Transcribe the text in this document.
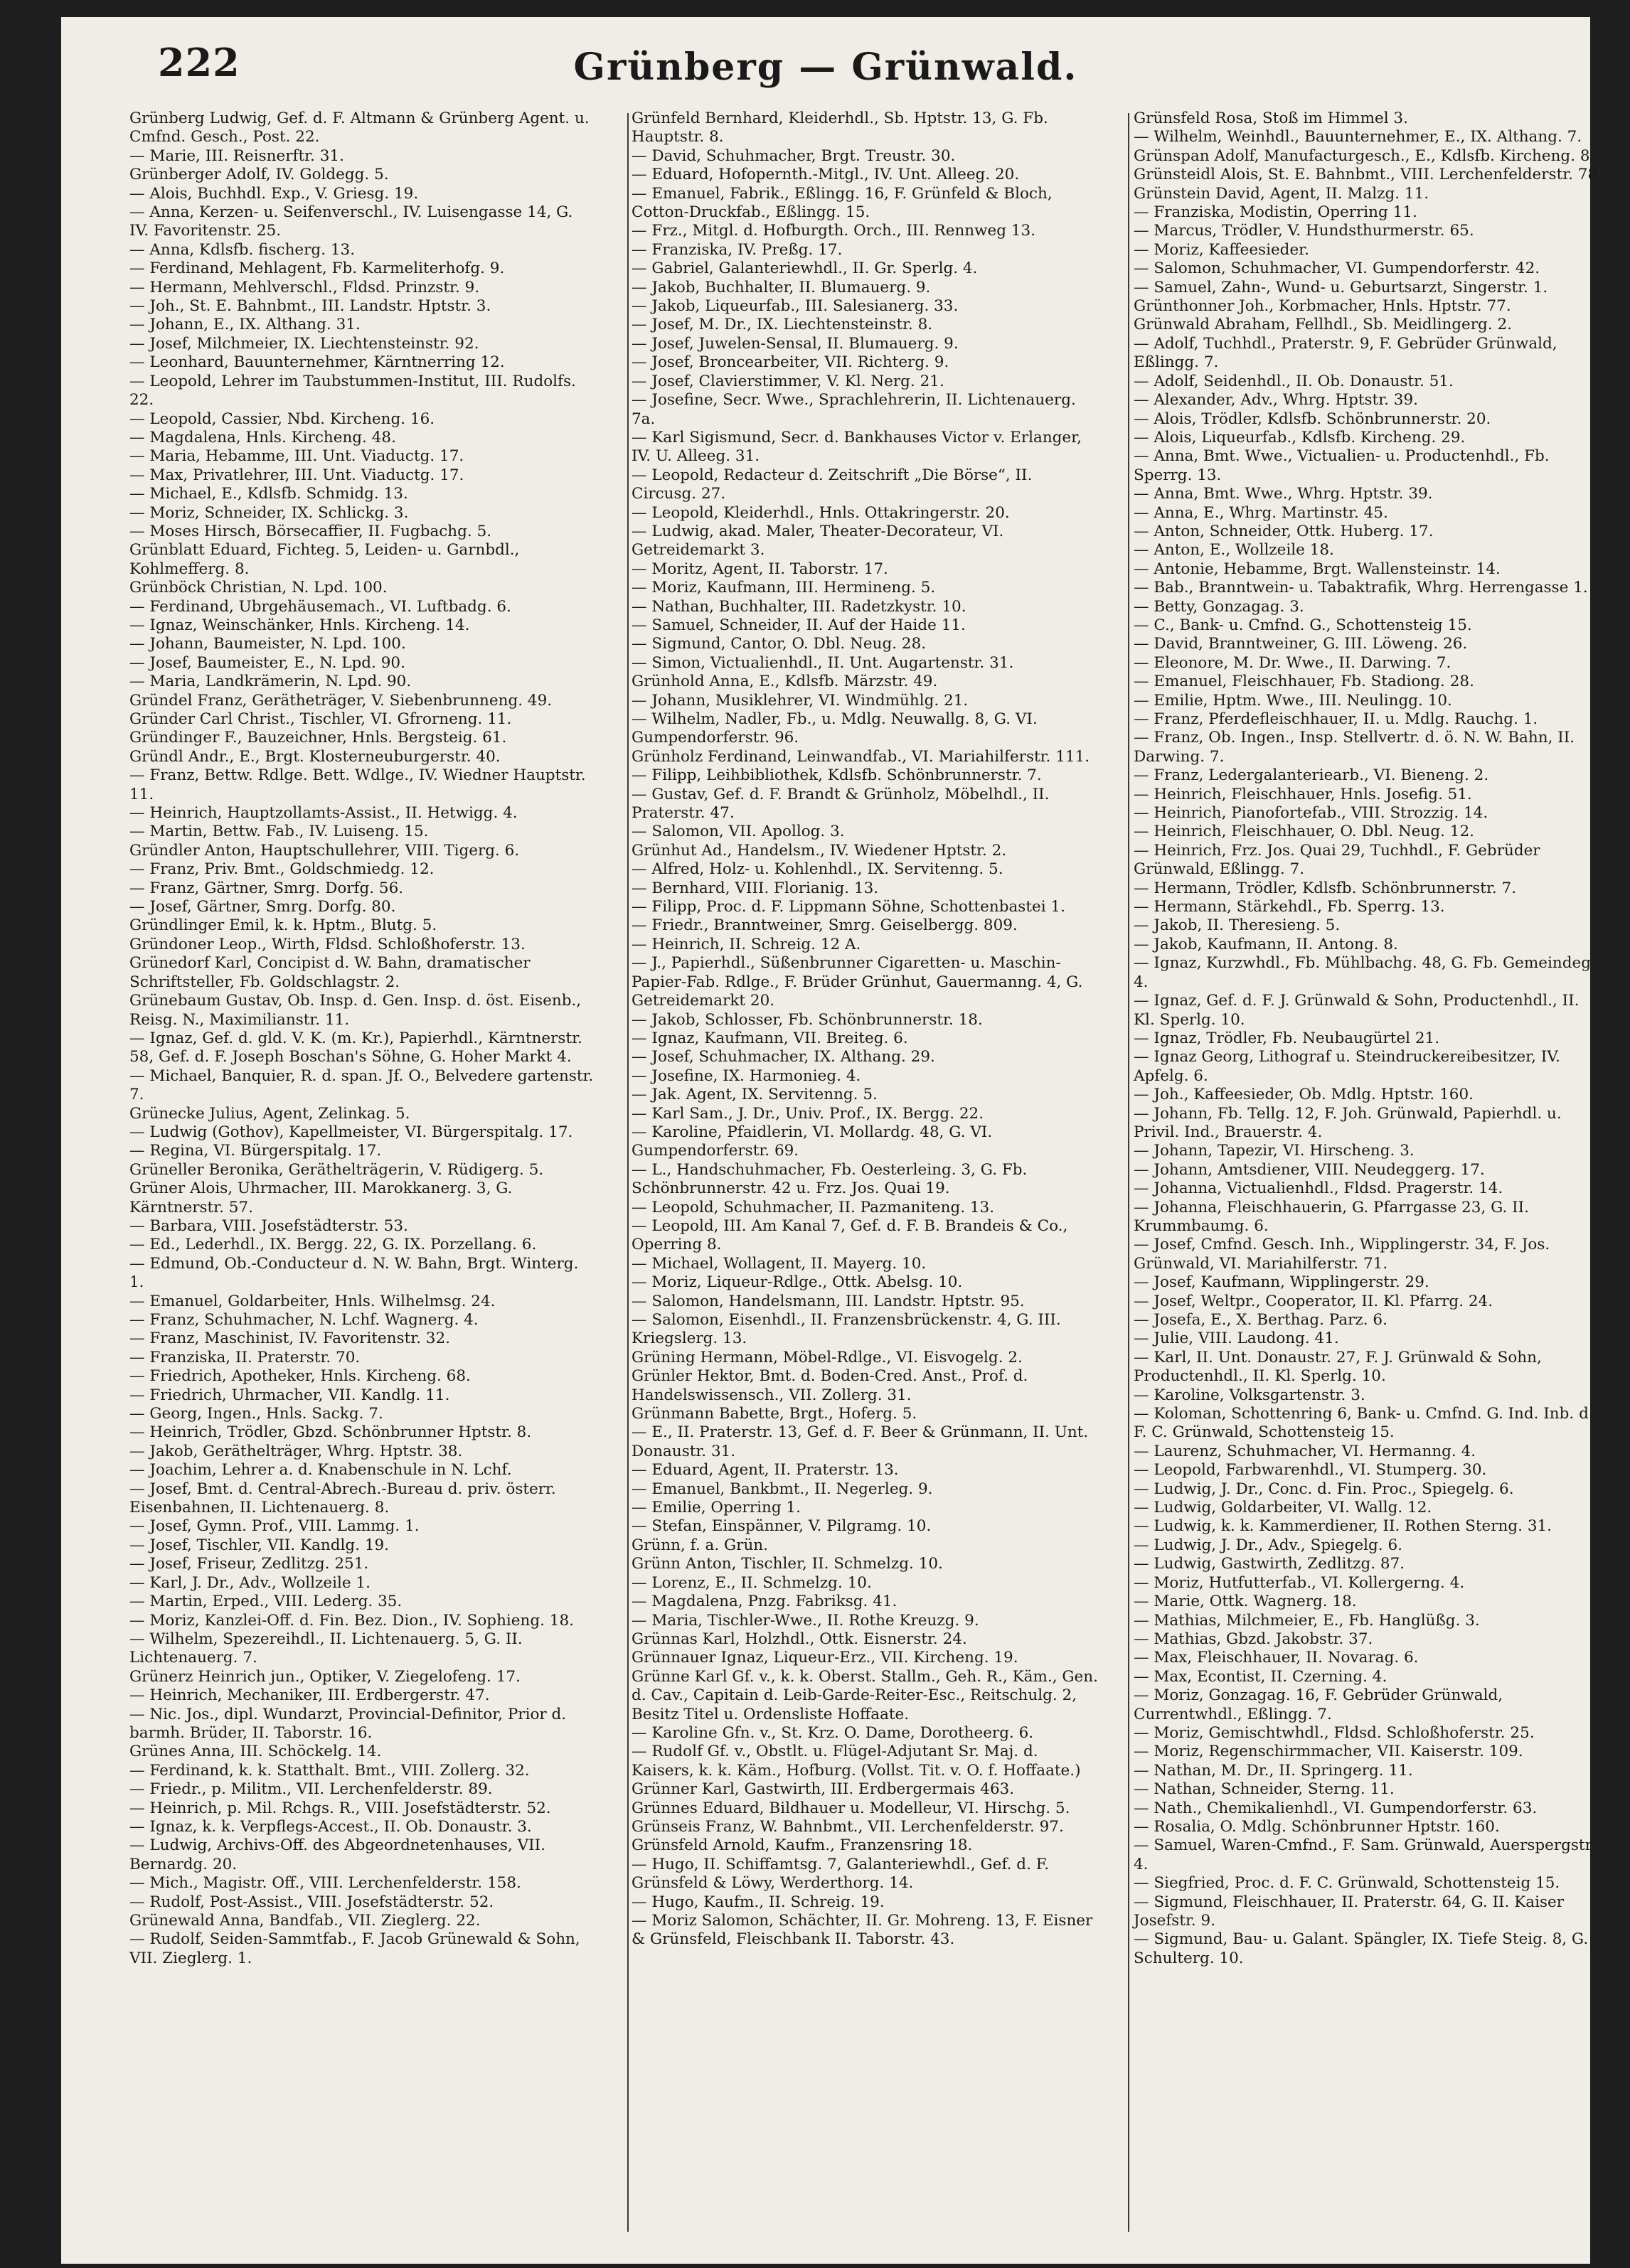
222	Grünberg — Grünwald.

Grünberg Ludwig, Gef. d. F. Altmann & Grünberg Agent. u. Cmfnd. Gesch., Post. 22.

— Marie, III. Reisnerftr. 31.

Grünberger Adolf, IV. Goldegg. 5.

— Alois, Buchhdl. Exp., V. Griesg. 19.

— Anna, Kerzen- u. Seifenverschl., IV. Luisengasse 14, G. IV. Favoritenstr. 25.

— Anna, Kdlsfb. fischerg. 13.

— Ferdinand, Mehlagent, Fb. Karmeliterhofg. 9.

— Hermann, Mehlverschl., Fldsd. Prinzstr. 9.

— Joh., St. E. Bahnbmt., III. Landstr. Hptstr. 3.

— Johann, E., IX. Althang. 31.

— Josef, Milchmeier, IX. Liechtensteinstr. 92.

— Leonhard, Bauunternehmer, Kärntnerring 12.

— Leopold, Lehrer im Taubstummen-Institut, III. Rudolfs. 22.

— Leopold, Cassier, Nbd. Kircheng. 16.

— Magdalena, Hnls. Kircheng. 48.

— Maria, Hebamme, III. Unt. Viaductg. 17.

— Max, Privatlehrer, III. Unt. Viaductg. 17.

— Michael, E., Kdlsfb. Schmidg. 13.

— Moriz, Schneider, IX. Schlickg. 3.

— Moses Hirsch, Börsecaffier, II. Fugbachg. 5.

Grünblatt Eduard, Fichteg. 5, Leiden- u. Garnbdl., Kohlmefferg. 8.

Grünböck Christian, N. Lpd. 100.

— Ferdinand, Ubrgehäusemach., VI. Luftbadg. 6.

— Ignaz, Weinschänker, Hnls. Kircheng. 14.

— Johann, Baumeister, N. Lpd. 100.

— Josef, Baumeister, E., N. Lpd. 90.

— Maria, Landkrämerin, N. Lpd. 90.

Gründel Franz, Gerätheträger, V. Siebenbrunneng. 49.

Gründer Carl Christ., Tischler, VI. Gfrorneng. 11.

Gründinger F., Bauzeichner, Hnls. Bergsteig. 61.

Gründl Andr., E., Brgt. Klosterneuburgerstr. 40.

— Franz, Bettw. Rdlge. Bett. Wdlge., IV. Wiedner Hauptstr. 11.

— Heinrich, Hauptzollamts-Assist., II. Hetwigg. 4.

— Martin, Bettw. Fab., IV. Luiseng. 15.

Gründler Anton, Hauptschullehrer, VIII. Tigerg. 6.

— Franz, Priv. Bmt., Goldschmiedg. 12.

— Franz, Gärtner, Smrg. Dorfg. 56.

— Josef, Gärtner, Smrg. Dorfg. 80.

Gründlinger Emil, k. k. Hptm., Blutg. 5.

Gründoner Leop., Wirth, Fldsd. Schloßhoferstr. 13.

Grünedorf Karl, Concipist d. W. Bahn, dramatischer Schriftsteller, Fb. Goldschlagstr. 2.

Grünebaum Gustav, Ob. Insp. d. Gen. Insp. d. öst. Eisenb., Reisg. N., Maximilianstr. 11.

— Ignaz, Gef. d. gld. V. K. (m. Kr.), Papierhdl., Kärntnerstr. 58, Gef. d. F. Joseph Boschan's Söhne, G. Hoher Markt 4.

— Michael, Banquier, R. d. span. Jf. O., Belvedere gartenstr. 7.

Grünecke Julius, Agent, Zelinkag. 5.

— Ludwig (Gothov), Kapellmeister, VI. Bürgerspitalg. 17.

— Regina, VI. Bürgerspitalg. 17.

Grüneller Beronika, Geräthelträgerin, V. Rüdigerg. 5.

Grüner Alois, Uhrmacher, III. Marokkanerg. 3, G. Kärntnerstr. 57.

— Barbara, VIII. Josefstädterstr. 53.

— Ed., Lederhdl., IX. Bergg. 22, G. IX. Porzellang. 6.

— Edmund, Ob.-Conducteur d. N. W. Bahn, Brgt. Winterg. 1.

— Emanuel, Goldarbeiter, Hnls. Wilhelmsg. 24.

— Franz, Schuhmacher, N. Lchf. Wagnerg. 4.

— Franz, Maschinist, IV. Favoritenstr. 32.

— Franziska, II. Praterstr. 70.

— Friedrich, Apotheker, Hnls. Kircheng. 68.

— Friedrich, Uhrmacher, VII. Kandlg. 11.

— Georg, Ingen., Hnls. Sackg. 7.

— Heinrich, Trödler, Gbzd. Schönbrunner Hptstr. 8.

— Jakob, Geräthelträger, Whrg. Hptstr. 38.

— Joachim, Lehrer a. d. Knabenschule in N. Lchf.

— Josef, Bmt. d. Central-Abrech.-Bureau d. priv. österr. Eisenbahnen, II. Lichtenauerg. 8.

— Josef, Gymn. Prof., VIII. Lammg. 1.

— Josef, Tischler, VII. Kandlg. 19.

— Josef, Friseur, Zedlitzg. 251.

— Karl, J. Dr., Adv., Wollzeile 1.

— Martin, Erped., VIII. Lederg. 35.

— Moriz, Kanzlei-Off. d. Fin. Bez. Dion., IV. Sophieng. 18.

— Wilhelm, Spezereihdl., II. Lichtenauerg. 5, G. II. Lichtenauerg. 7.

Grünerz Heinrich jun., Optiker, V. Ziegelofeng. 17.

— Heinrich, Mechaniker, III. Erdbergerstr. 47.

— Nic. Jos., dipl. Wundarzt, Provincial-Definitor, Prior d. barmh. Brüder, II. Taborstr. 16.

Grünes Anna, III. Schöckelg. 14.

— Ferdinand, k. k. Statthalt. Bmt., VIII. Zollerg. 32.

— Friedr., p. Militm., VII. Lerchenfelderstr. 89.

— Heinrich, p. Mil. Rchgs. R., VIII. Josefstädterstr. 52.

— Ignaz, k. k. Verpflegs-Accest., II. Ob. Donaustr. 3.

— Ludwig, Archivs-Off. des Abgeordnetenhauses, VII. Bernardg. 20.

— Mich., Magistr. Off., VIII. Lerchenfelderstr. 158.

— Rudolf, Post-Assist., VIII. Josefstädterstr. 52.

Grünewald Anna, Bandfab., VII. Zieglerg. 22.

— Rudolf, Seiden-Sammtfab., F. Jacob Grünewald & Sohn, VII. Zieglerg. 1.

Grünfeld Bernhard, Kleiderhdl., Sb. Hptstr. 13, G. Fb. Hauptstr. 8.

— David, Schuhmacher, Brgt. Treustr. 30.

— Eduard, Hofopernth.-Mitgl., IV. Unt. Alleeg. 20.

— Emanuel, Fabrik., Eßlingg. 16, F. Grünfeld & Bloch, Cotton-Druckfab., Eßlingg. 15.

— Frz., Mitgl. d. Hofburgth. Orch., III. Rennweg 13.

— Franziska, IV. Preßg. 17.

— Gabriel, Galanteriewhdl., II. Gr. Sperlg. 4.

— Jakob, Buchhalter, II. Blumauerg. 9.

— Jakob, Liqueurfab., III. Salesianerg. 33.

— Josef, M. Dr., IX. Liechtensteinstr. 8.

— Josef, Juwelen-Sensal, II. Blumauerg. 9.

— Josef, Broncearbeiter, VII. Richterg. 9.

— Josef, Clavierstimmer, V. Kl. Nerg. 21.

— Josefine, Secr. Wwe., Sprachlehrerin, II. Lichtenauerg. 7a.

— Karl Sigismund, Secr. d. Bankhauses Victor v. Erlanger, IV. U. Alleeg. 31.

— Leopold, Redacteur d. Zeitschrift „Die Börse“, II. Circusg. 27.

— Leopold, Kleiderhdl., Hnls. Ottakringerstr. 20.

— Ludwig, akad. Maler, Theater-Decorateur, VI. Getreidemarkt 3.

— Moritz, Agent, II. Taborstr. 17.

— Moriz, Kaufmann, III. Hermineng. 5.

— Nathan, Buchhalter, III. Radetzkystr. 10.

— Samuel, Schneider, II. Auf der Haide 11.

— Sigmund, Cantor, O. Dbl. Neug. 28.

— Simon, Victualienhdl., II. Unt. Augartenstr. 31.

Grünhold Anna, E., Kdlsfb. Märzstr. 49.

— Johann, Musiklehrer, VI. Windmühlg. 21.

— Wilhelm, Nadler, Fb., u. Mdlg. Neuwallg. 8, G. VI. Gumpendorferstr. 96.

Grünholz Ferdinand, Leinwandfab., VI. Mariahilferstr. 111.

— Filipp, Leihbibliothek, Kdlsfb. Schönbrunnerstr. 7.

— Gustav, Gef. d. F. Brandt & Grünholz, Möbelhdl., II. Praterstr. 47.

— Salomon, VII. Apollog. 3.

Grünhut Ad., Handelsm., IV. Wiedener Hptstr. 2.

— Alfred, Holz- u. Kohlenhdl., IX. Servitenng. 5.

— Bernhard, VIII. Florianig. 13.

— Filipp, Proc. d. F. Lippmann Söhne, Schottenbastei 1.

— Friedr., Branntweiner, Smrg. Geiselbergg. 809.

— Heinrich, II. Schreig. 12 A.

— J., Papierhdl., Süßenbrunner Cigaretten- u. Maschin-Papier-Fab. Rdlge., F. Brüder Grünhut, Gauermanng. 4, G. Getreidemarkt 20.

— Jakob, Schlosser, Fb. Schönbrunnerstr. 18.

— Ignaz, Kaufmann, VII. Breiteg. 6.

— Josef, Schuhmacher, IX. Althang. 29.

— Josefine, IX. Harmonieg. 4.

— Jak. Agent, IX. Servitenng. 5.

— Karl Sam., J. Dr., Univ. Prof., IX. Bergg. 22.

— Karoline, Pfaidlerin, VI. Mollardg. 48, G. VI. Gumpendorferstr. 69.

— L., Handschuhmacher, Fb. Oesterleing. 3, G. Fb. Schönbrunnerstr. 42 u. Frz. Jos. Quai 19.

— Leopold, Schuhmacher, II. Pazmaniteng. 13.

— Leopold, III. Am Kanal 7, Gef. d. F. B. Brandeis & Co., Operring 8.

— Michael, Wollagent, II. Mayerg. 10.

— Moriz, Liqueur-Rdlge., Ottk. Abelsg. 10.

— Salomon, Handelsmann, III. Landstr. Hptstr. 95.

— Salomon, Eisenhdl., II. Franzensbrückenstr. 4, G. III. Kriegslerg. 13.

Grüning Hermann, Möbel-Rdlge., VI. Eisvogelg. 2.

Grünler Hektor, Bmt. d. Boden-Cred. Anst., Prof. d. Handelswissensch., VII. Zollerg. 31.

Grünmann Babette, Brgt., Hoferg. 5.

— E., II. Praterstr. 13, Gef. d. F. Beer & Grünmann, II. Unt. Donaustr. 31.

— Eduard, Agent, II. Praterstr. 13.

— Emanuel, Bankbmt., II. Negerleg. 9.

— Emilie, Operring 1.

— Stefan, Einspänner, V. Pilgramg. 10.

Grünn, f. a. Grün.

Grünn Anton, Tischler, II. Schmelzg. 10.

— Lorenz, E., II. Schmelzg. 10.

— Magdalena, Pnzg. Fabriksg. 41.

— Maria, Tischler-Wwe., II. Rothe Kreuzg. 9.

Grünnas Karl, Holzhdl., Ottk. Eisnerstr. 24.

Grünnauer Ignaz, Liqueur-Erz., VII. Kircheng. 19.

Grünne Karl Gf. v., k. k. Oberst. Stallm., Geh. R., Käm., Gen. d. Cav., Capitain d. Leib-Garde-Reiter-Esc., Reitschulg. 2, Besitz Titel u. Ordensliste Hoffaate.

— Karoline Gfn. v., St. Krz. O. Dame, Dorotheerg. 6.

— Rudolf Gf. v., Obstlt. u. Flügel-Adjutant Sr. Maj. d. Kaisers, k. k. Käm., Hofburg. (Vollst. Tit. v. O. f. Hoffaate.)

Grünner Karl, Gastwirth, III. Erdbergermais 463.

Grünnes Eduard, Bildhauer u. Modelleur, VI. Hirschg. 5.

Grünseis Franz, W. Bahnbmt., VII. Lerchenfelderstr. 97.

Grünsfeld Arnold, Kaufm., Franzensring 18.

— Hugo, II. Schiffamtsg. 7, Galanteriewhdl., Gef. d. F. Grünsfeld & Löwy, Werderthorg. 14.

— Hugo, Kaufm., II. Schreig. 19.

— Moriz Salomon, Schächter, II. Gr. Mohreng. 13, F. Eisner & Grünsfeld, Fleischbank II. Taborstr. 43.

Grünsfeld Rosa, Stoß im Himmel 3.

— Wilhelm, Weinhdl., Bauunternehmer, E., IX. Althang. 7.

Grünspan Adolf, Manufacturgesch., E., Kdlsfb. Kircheng. 8.

Grünsteidl Alois, St. E. Bahnbmt., VIII. Lerchenfelderstr. 78.

Grünstein David, Agent, II. Malzg. 11.

— Franziska, Modistin, Operring 11.

— Marcus, Trödler, V. Hundsthurmerstr. 65.

— Moriz, Kaffeesieder.

— Salomon, Schuhmacher, VI. Gumpendorferstr. 42.

— Samuel, Zahn-, Wund- u. Geburtsarzt, Singerstr. 1.

Grünthonner Joh., Korbmacher, Hnls. Hptstr. 77.

Grünwald Abraham, Fellhdl., Sb. Meidlingerg. 2.

— Adolf, Tuchhdl., Praterstr. 9, F. Gebrüder Grünwald, Eßlingg. 7.

— Adolf, Seidenhdl., II. Ob. Donaustr. 51.

— Alexander, Adv., Whrg. Hptstr. 39.

— Alois, Trödler, Kdlsfb. Schönbrunnerstr. 20.

— Alois, Liqueurfab., Kdlsfb. Kircheng. 29.

— Anna, Bmt. Wwe., Victualien- u. Productenhdl., Fb. Sperrg. 13.

— Anna, Bmt. Wwe., Whrg. Hptstr. 39.

— Anna, E., Whrg. Martinstr. 45.

— Anton, Schneider, Ottk. Huberg. 17.

— Anton, E., Wollzeile 18.

— Antonie, Hebamme, Brgt. Wallensteinstr. 14.

— Bab., Branntwein- u. Tabaktrafik, Whrg. Herrengasse 1.

— Betty, Gonzagag. 3.

— C., Bank- u. Cmfnd. G., Schottensteig 15.

— David, Branntweiner, G. III. Löweng. 26.

— Eleonore, M. Dr. Wwe., II. Darwing. 7.

— Emanuel, Fleischhauer, Fb. Stadiong. 28.

— Emilie, Hptm. Wwe., III. Neulingg. 10.

— Franz, Pferdefleischhauer, II. u. Mdlg. Rauchg. 1.

— Franz, Ob. Ingen., Insp. Stellvertr. d. ö. N. W. Bahn, II. Darwing. 7.

— Franz, Ledergalanteriearb., VI. Bieneng. 2.

— Heinrich, Fleischhauer, Hnls. Josefig. 51.

— Heinrich, Pianofortefab., VIII. Strozzig. 14.

— Heinrich, Fleischhauer, O. Dbl. Neug. 12.

— Heinrich, Frz. Jos. Quai 29, Tuchhdl., F. Gebrüder Grünwald, Eßlingg. 7.

— Hermann, Trödler, Kdlsfb. Schönbrunnerstr. 7.

— Hermann, Stärkehdl., Fb. Sperrg. 13.

— Jakob, II. Theresieng. 5.

— Jakob, Kaufmann, II. Antong. 8.

— Ignaz, Kurzwhdl., Fb. Mühlbachg. 48, G. Fb. Gemeindeg. 4.

— Ignaz, Gef. d. F. J. Grünwald & Sohn, Productenhdl., II. Kl. Sperlg. 10.

— Ignaz, Trödler, Fb. Neubaugürtel 21.

— Ignaz Georg, Lithograf u. Steindruckereibesitzer, IV. Apfelg. 6.

— Joh., Kaffeesieder, Ob. Mdlg. Hptstr. 160.

— Johann, Fb. Tellg. 12, F. Joh. Grünwald, Papierhdl. u. Privil. Ind., Brauerstr. 4.

— Johann, Tapezir, VI. Hirscheng. 3.

— Johann, Amtsdiener, VIII. Neudeggerg. 17.

— Johanna, Victualienhdl., Fldsd. Pragerstr. 14.

— Johanna, Fleischhauerin, G. Pfarrgasse 23, G. II. Krummbaumg. 6.

— Josef, Cmfnd. Gesch. Inh., Wipplingerstr. 34, F. Jos. Grünwald, VI. Mariahilferstr. 71.

— Josef, Kaufmann, Wipplingerstr. 29.

— Josef, Weltpr., Cooperator, II. Kl. Pfarrg. 24.

— Josefa, E., X. Berthag. Parz. 6.

— Julie, VIII. Laudong. 41.

— Karl, II. Unt. Donaustr. 27, F. J. Grünwald & Sohn, Productenhdl., II. Kl. Sperlg. 10.

— Karoline, Volksgartenstr. 3.

— Koloman, Schottenring 6, Bank- u. Cmfnd. G. Ind. Inb. d. F. C. Grünwald, Schottensteig 15.

— Laurenz, Schuhmacher, VI. Hermanng. 4.

— Leopold, Farbwarenhdl., VI. Stumperg. 30.

— Ludwig, J. Dr., Conc. d. Fin. Proc., Spiegelg. 6.

— Ludwig, Goldarbeiter, VI. Wallg. 12.

— Ludwig, k. k. Kammerdiener, II. Rothen Sterng. 31.

— Ludwig, J. Dr., Adv., Spiegelg. 6.

— Ludwig, Gastwirth, Zedlitzg. 87.

— Moriz, Hutfutterfab., VI. Kollergerng. 4.

— Marie, Ottk. Wagnerg. 18.

— Mathias, Milchmeier, E., Fb. Hanglüßg. 3.

— Mathias, Gbzd. Jakobstr. 37.

— Max, Fleischhauer, II. Novarag. 6.

— Max, Econtist, II. Czerning. 4.

— Moriz, Gonzagag. 16, F. Gebrüder Grünwald, Currentwhdl., Eßlingg. 7.

— Moriz, Gemischtwhdl., Fldsd. Schloßhoferstr. 25.

— Moriz, Regenschirmmacher, VII. Kaiserstr. 109.

— Nathan, M. Dr., II. Springerg. 11.

— Nathan, Schneider, Sterng. 11.

— Nath., Chemikalienhdl., VI. Gumpendorferstr. 63.

— Rosalia, O. Mdlg. Schönbrunner Hptstr. 160.

— Samuel, Waren-Cmfnd., F. Sam. Grünwald, Auerspergstr. 4.

— Siegfried, Proc. d. F. C. Grünwald, Schottensteig 15.

— Sigmund, Fleischhauer, II. Praterstr. 64, G. II. Kaiser Josefstr. 9.

— Sigmund, Bau- u. Galant. Spängler, IX. Tiefe Steig. 8, G. Schulterg. 10.
